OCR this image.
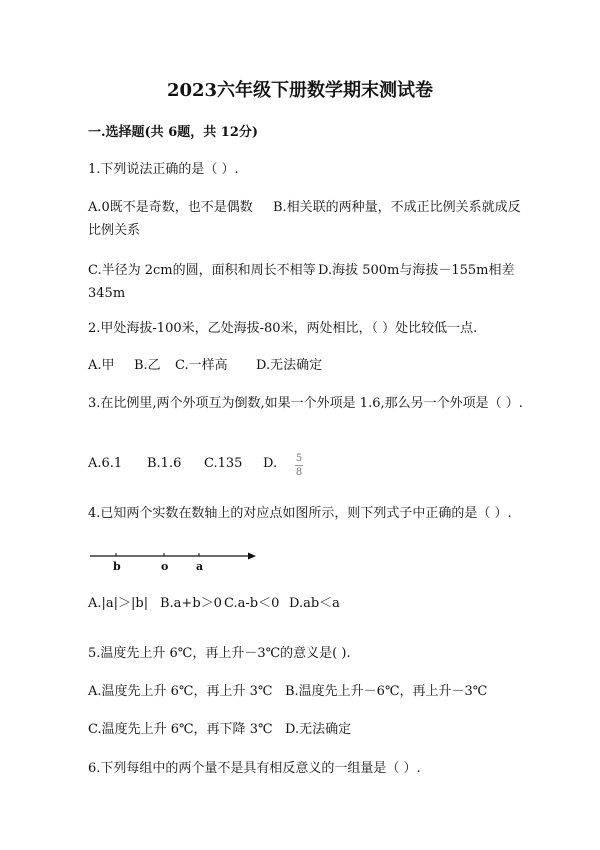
2023六年级下册数学期末测试卷
一.选择题(共 6题，共 12分)
1.下列说法正确的是（ ）.
A.0既不是奇数，也不是偶数 B.相关联的两种量，不成正比例关系就成反
比例关系
C.半径为 2cm的圆，面积和周长不相等 D.海拔 500m与海拔－155m相差
345m
2.甲处海拔-100米，乙处海拔-80米，两处相比，（ ）处比较低一点.
A.甲 B.乙 C.一样高 D.无法确定
3.在比例里,两个外项互为倒数,如果一个外项是 1.6,那么另一个外项是（ ）.
A.6.1 B.1.6 C.135 D.	5
8
4.已知两个实数在数轴上的对应点如图所示，则下列式子中正确的是（ ）.
b	o	a
A.|a|＞|b| B.a+b＞0 C.a-b＜0 D.ab＜a
5.温度先上升 6℃，再上升－3℃的意义是( ).
A.温度先上升 6℃，再上升 3℃ B.温度先上升－6℃，再上升－3℃
C.温度先上升 6℃，再下降 3℃ D.无法确定
6.下列每组中的两个量不是具有相反意义的一组量是（ ）.
